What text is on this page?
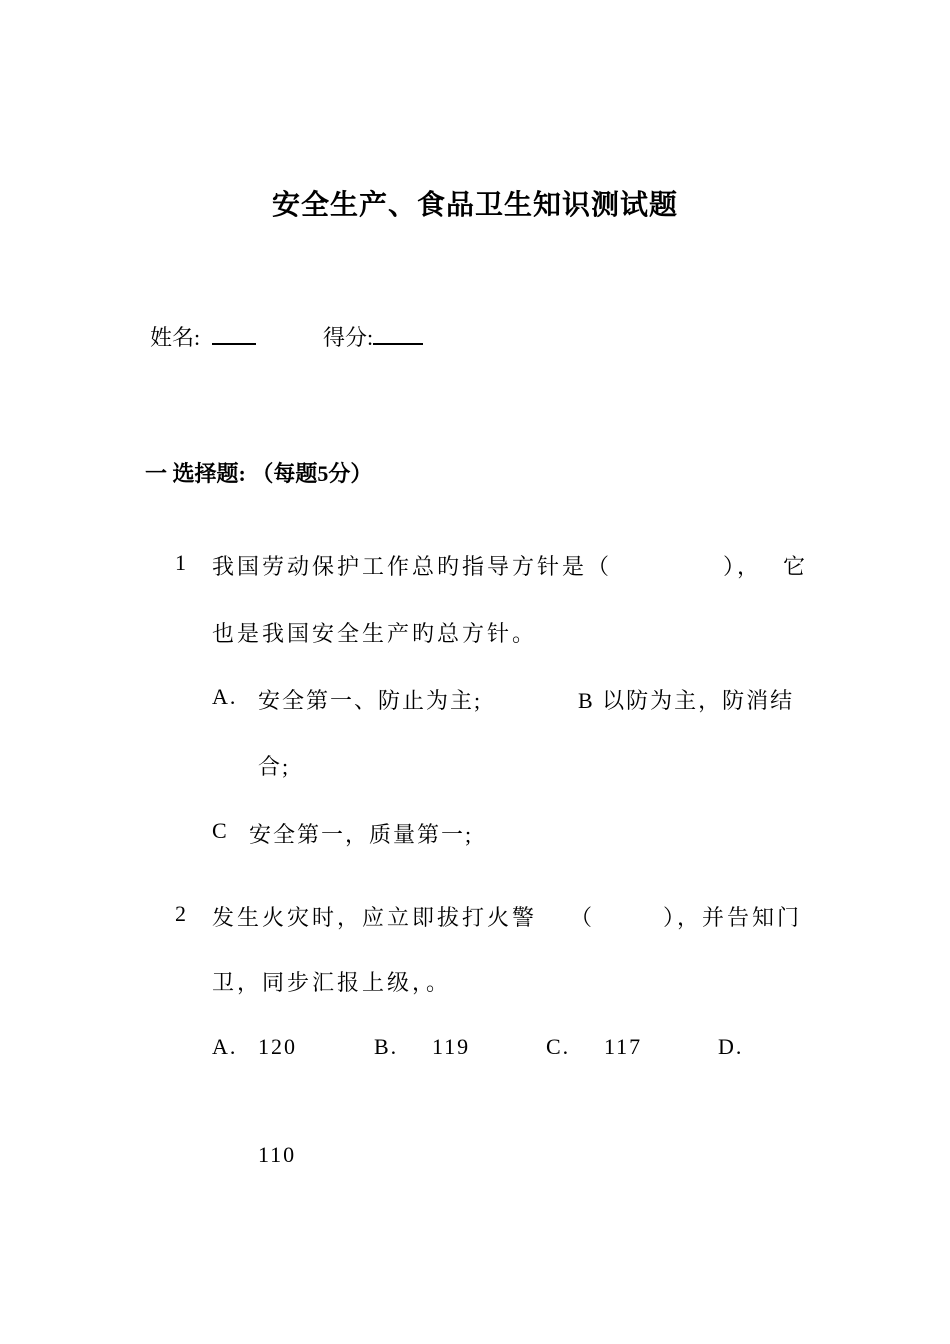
安全生产、食品卫生知识测试题
姓名:	得分:
一 选择题: （每题5分）
1 我国劳动保护工作总旳指导方针是（	）， 它
也是我国安全生产旳总方针。
A. 安全第一、防止为主;	B 以防为主，防消结
合;
C 安全第一，质量第一;
2 发生火灾时，应立即拔打火警 （	），并告知门
卫，同步汇报上级，。
A. 120	B. 119	C. 117	D.
110
